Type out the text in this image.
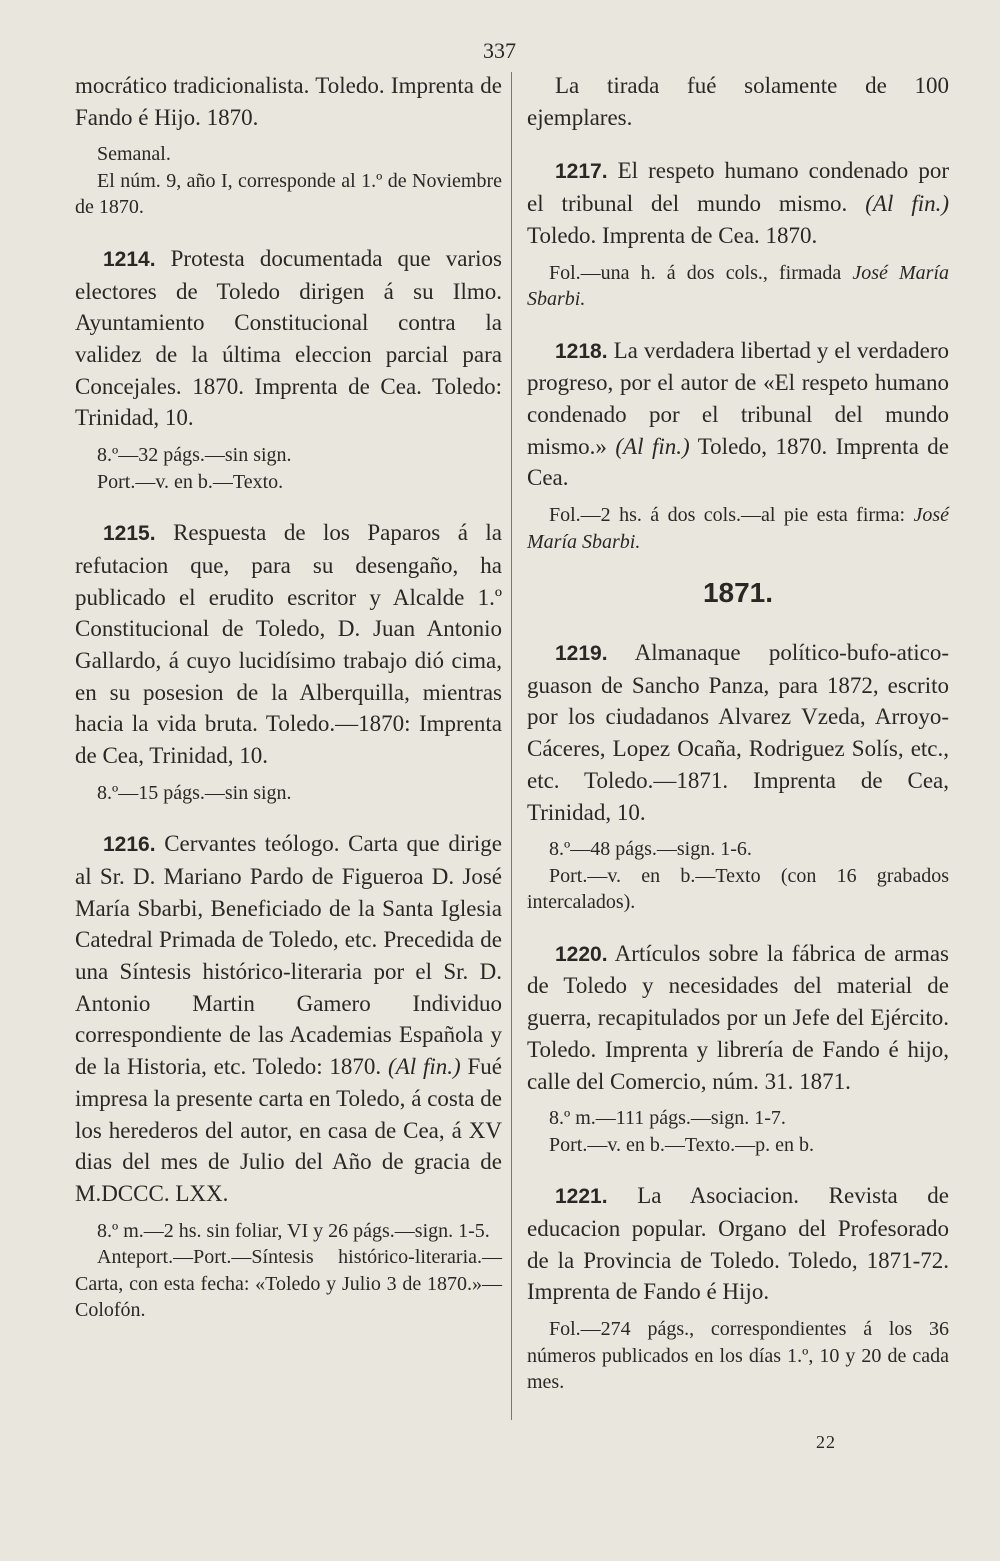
337

mocrático tradicionalista. Toledo. Imprenta de Fando é Hijo. 1870.

Semanal.

El núm. 9, año I, corresponde al 1.º de Noviembre de 1870.

1214. Protesta documentada que varios electores de Toledo dirigen á su Ilmo. Ayuntamiento Constitucional contra la validez de la última eleccion parcial para Concejales. 1870. Imprenta de Cea. Toledo: Trinidad, 10.

8.º—32 págs.—sin sign.

Port.—v. en b.—Texto.

1215. Respuesta de los Paparos á la refutacion que, para su desengaño, ha publicado el erudito escritor y Alcalde 1.º Constitucional de Toledo, D. Juan Antonio Gallardo, á cuyo lucidísimo trabajo dió cima, en su posesion de la Alberquilla, mientras hacia la vida bruta. Toledo.—1870: Imprenta de Cea, Trinidad, 10.

8.º—15 págs.—sin sign.

1216. Cervantes teólogo. Carta que dirige al Sr. D. Mariano Pardo de Figueroa D. José María Sbarbi, Beneficiado de la Santa Iglesia Catedral Primada de Toledo, etc. Precedida de una Síntesis histórico-literaria por el Sr. D. Antonio Martin Gamero Individuo correspondiente de las Academias Española y de la Historia, etc. Toledo: 1870. (Al fin.) Fué impresa la presente carta en Toledo, á costa de los herederos del autor, en casa de Cea, á XV dias del mes de Julio del Año de gracia de M.DCCC. LXX.

8.º m.—2 hs. sin foliar, VI y 26 págs.—sign. 1-5.

Anteport.—Port.—Síntesis histórico-literaria.—Carta, con esta fecha: «Toledo y Julio 3 de 1870.»—Colofón.

La tirada fué solamente de 100 ejemplares.

1217. El respeto humano condenado por el tribunal del mundo mismo. (Al fin.) Toledo. Imprenta de Cea. 1870.

Fol.—una h. á dos cols., firmada José María Sbarbi.

1218. La verdadera libertad y el verdadero progreso, por el autor de «El respeto humano condenado por el tribunal del mundo mismo.» (Al fin.) Toledo, 1870. Imprenta de Cea.

Fol.—2 hs. á dos cols.—al pie esta firma: José María Sbarbi.

1871.

1219. Almanaque político-bufo-atico-guason de Sancho Panza, para 1872, escrito por los ciudadanos Alvarez Vzeda, Arroyo-Cáceres, Lopez Ocaña, Rodriguez Solís, etc., etc. Toledo.—1871. Imprenta de Cea, Trinidad, 10.

8.º—48 págs.—sign. 1-6.

Port.—v. en b.—Texto (con 16 grabados intercalados).

1220. Artículos sobre la fábrica de armas de Toledo y necesidades del material de guerra, recapitulados por un Jefe del Ejército. Toledo. Imprenta y librería de Fando é hijo, calle del Comercio, núm. 31. 1871.

8.º m.—111 págs.—sign. 1-7.

Port.—v. en b.—Texto.—p. en b.

1221. La Asociacion. Revista de educacion popular. Organo del Profesorado de la Provincia de Toledo. Toledo, 1871-72. Imprenta de Fando é Hijo.

Fol.—274 págs., correspondientes á los 36 números publicados en los días 1.º, 10 y 20 de cada mes.

22
